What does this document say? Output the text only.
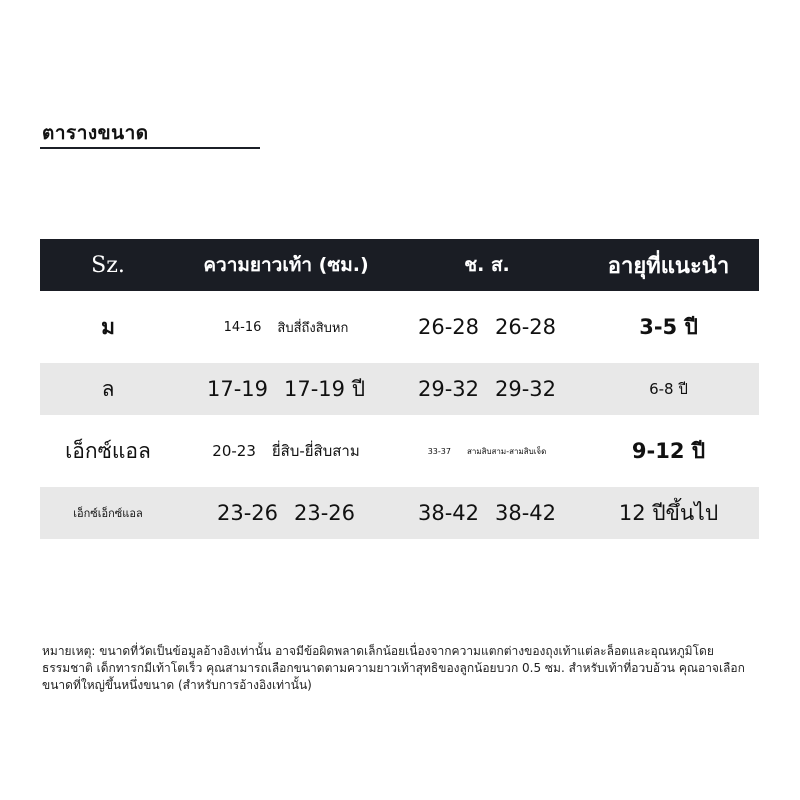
ตารางขนาด
Sz.	ความยาวเท้า (ซม.)	ช. ส.	อายุที่แนะนำ
ม	14-16 สิบสี่ถึงสิบหก	26-28 26-28	3-5 ปี
ล	17-19 17-19 ปี	29-32 29-32	6-8 ปี
เอ็กซ์แอล	20-23 ยี่สิบ-ยี่สิบสาม	33-37 สามสิบสาม-สามสิบเจ็ด	9-12 ปี
เอ็กซ์เอ็กซ์แอล	23-26 23-26	38-42 38-42	12 ปีขึ้นไป
หมายเหตุ: ขนาดที่วัดเป็นข้อมูลอ้างอิงเท่านั้น อาจมีข้อผิดพลาดเล็กน้อยเนื่องจากความแตกต่างของถุงเท้าแต่ละล็อตและอุณหภูมิโดยธรรมชาติ เด็กทารกมีเท้าโตเร็ว คุณสามารถเลือกขนาดตามความยาวเท้าสุทธิของลูกน้อยบวก 0.5 ซม. สำหรับเท้าที่อวบอ้วน คุณอาจเลือกขนาดที่ใหญ่ขึ้นหนึ่งขนาด (สำหรับการอ้างอิงเท่านั้น)
